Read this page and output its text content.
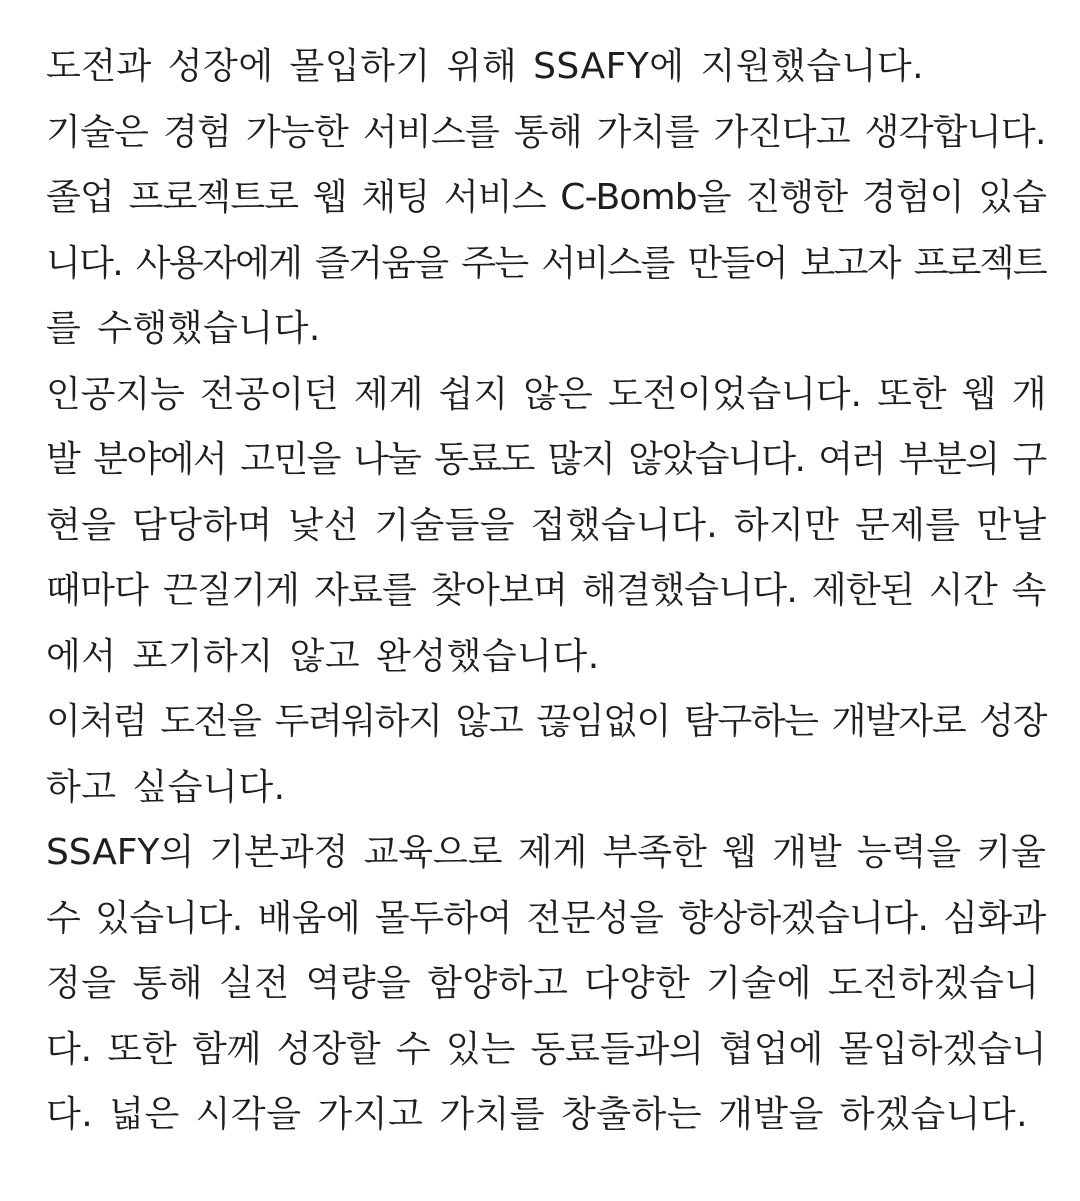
도전과 성장에 몰입하기 위해 SSAFY에 지원했습니다.
기술은 경험 가능한 서비스를 통해 가치를 가진다고 생각합니다.
졸업 프로젝트로 웹 채팅 서비스 C-Bomb을 진행한 경험이 있습
니다. 사용자에게 즐거움을 주는 서비스를 만들어 보고자 프로젝트
를 수행했습니다.
인공지능 전공이던 제게 쉽지 않은 도전이었습니다. 또한 웹 개
발 분야에서 고민을 나눌 동료도 많지 않았습니다. 여러 부분의 구
현을 담당하며 낯선 기술들을 접했습니다. 하지만 문제를 만날
때마다 끈질기게 자료를 찾아보며 해결했습니다. 제한된 시간 속
에서 포기하지 않고 완성했습니다.
이처럼 도전을 두려워하지 않고 끊임없이 탐구하는 개발자로 성장
하고 싶습니다.
SSAFY의 기본과정 교육으로 제게 부족한 웹 개발 능력을 키울
수 있습니다. 배움에 몰두하여 전문성을 향상하겠습니다. 심화과
정을 통해 실전 역량을 함양하고 다양한 기술에 도전하겠습니
다. 또한 함께 성장할 수 있는 동료들과의 협업에 몰입하겠습니
다. 넓은 시각을 가지고 가치를 창출하는 개발을 하겠습니다.
